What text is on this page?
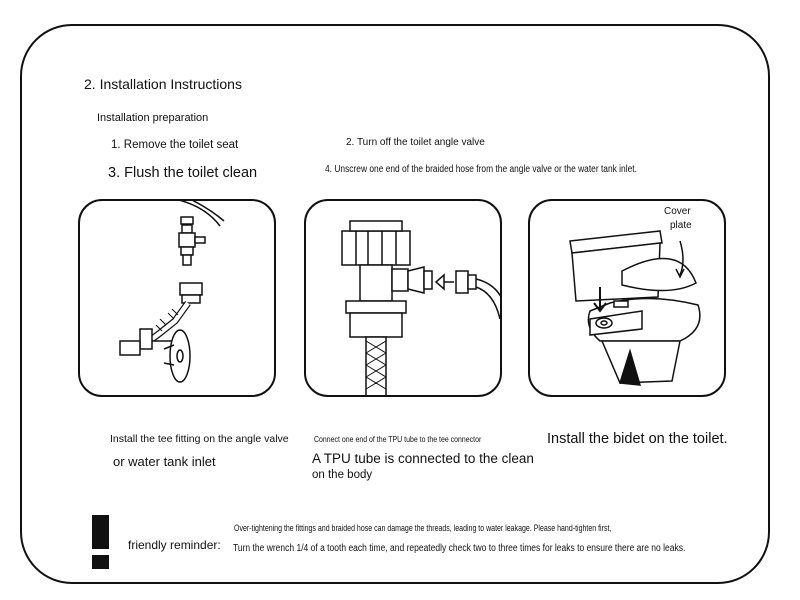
2. Installation Instructions
Installation preparation
1. Remove the toilet seat	2. Turn off the toilet angle valve
3. Flush the toilet clean	4. Unscrew one end of the braided hose from the angle valve or the water tank inlet.
Cover
plate
Install the tee fitting on the angle valve
or water tank inlet
Connect one end of the TPU tube to the tee connector
A TPU tube is connected to the clean
on the body
Install the bidet on the toilet.
friendly reminder:
Over-tightening the fittings and braided hose can damage the threads, leading to water leakage. Please hand-tighten first,
Turn the wrench 1/4 of a tooth each time, and repeatedly check two to three times for leaks to ensure there are no leaks.
